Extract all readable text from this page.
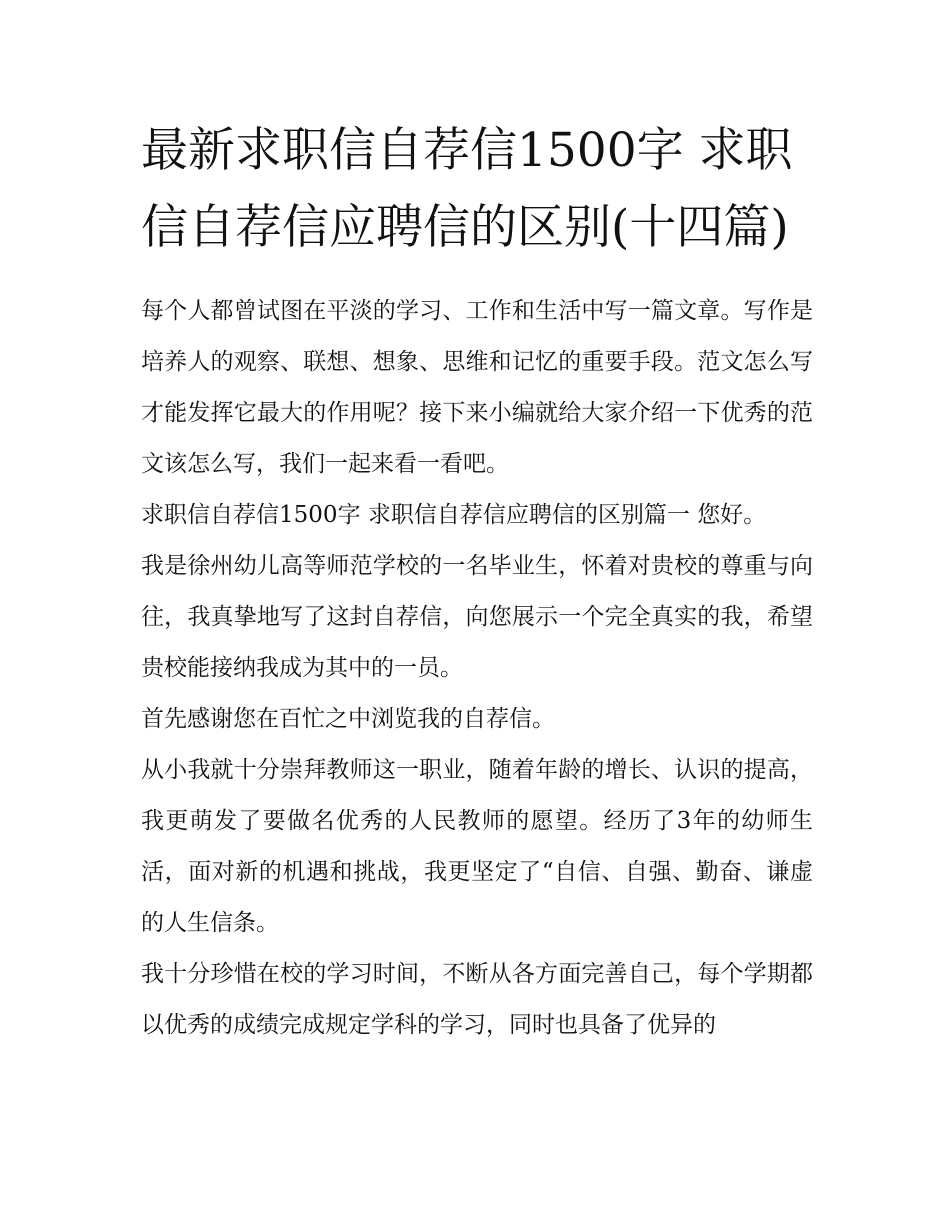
最新求职信自荐信1500字 求职信自荐信应聘信的区别(十四篇)

每个人都曾试图在平淡的学习、工作和生活中写一篇文章。写作是培养人的观察、联想、想象、思维和记忆的重要手段。范文怎么写才能发挥它最大的作用呢？接下来小编就给大家介绍一下优秀的范文该怎么写，我们一起来看一看吧。

求职信自荐信1500字 求职信自荐信应聘信的区别篇一 您好。

我是徐州幼儿高等师范学校的一名毕业生，怀着对贵校的尊重与向往，我真挚地写了这封自荐信，向您展示一个完全真实的我，希望贵校能接纳我成为其中的一员。

首先感谢您在百忙之中浏览我的自荐信。

从小我就十分崇拜教师这一职业，随着年龄的增长、认识的提高，我更萌发了要做名优秀的人民教师的愿望。经历了3年的幼师生活，面对新的机遇和挑战，我更坚定了“自信、自强、勤奋、谦虚的人生信条。

我十分珍惜在校的学习时间，不断从各方面完善自己，每个学期都以优秀的成绩完成规定学科的学习，同时也具备了优异的
